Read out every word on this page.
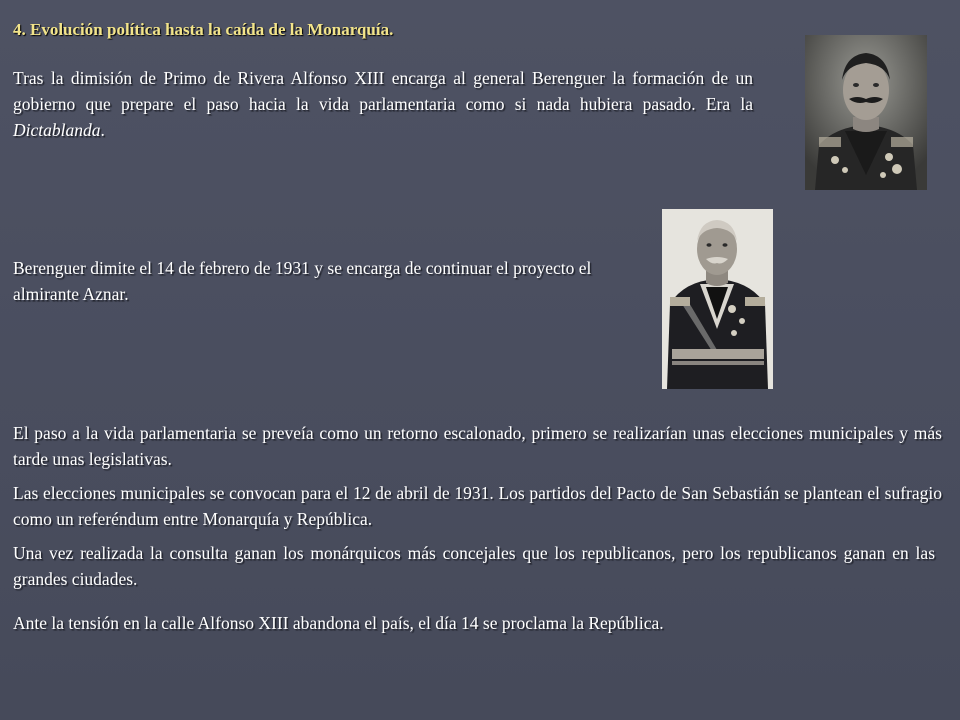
4. Evolución política hasta la caída de la Monarquía.

Tras la dimisión de Primo de Rivera Alfonso XIII encarga al general Berenguer la formación de un gobierno que prepare el paso hacia la vida parlamentaria como si nada hubiera pasado. Era la Dictablanda.

Berenguer dimite el 14 de febrero de 1931 y se encarga de continuar el proyecto el almirante Aznar.

El paso a la vida parlamentaria se preveía como un retorno escalonado, primero se realizarían unas elecciones municipales y más tarde unas legislativas.

Las elecciones municipales se convocan para el 12 de abril de 1931. Los partidos del Pacto de San Sebastián se plantean el sufragio como un referéndum entre Monarquía y República.

Una vez realizada la consulta ganan los monárquicos más concejales que los republicanos, pero los republicanos ganan en las grandes ciudades.

Ante la tensión en la calle Alfonso XIII abandona el país, el día 14 se proclama la República.
